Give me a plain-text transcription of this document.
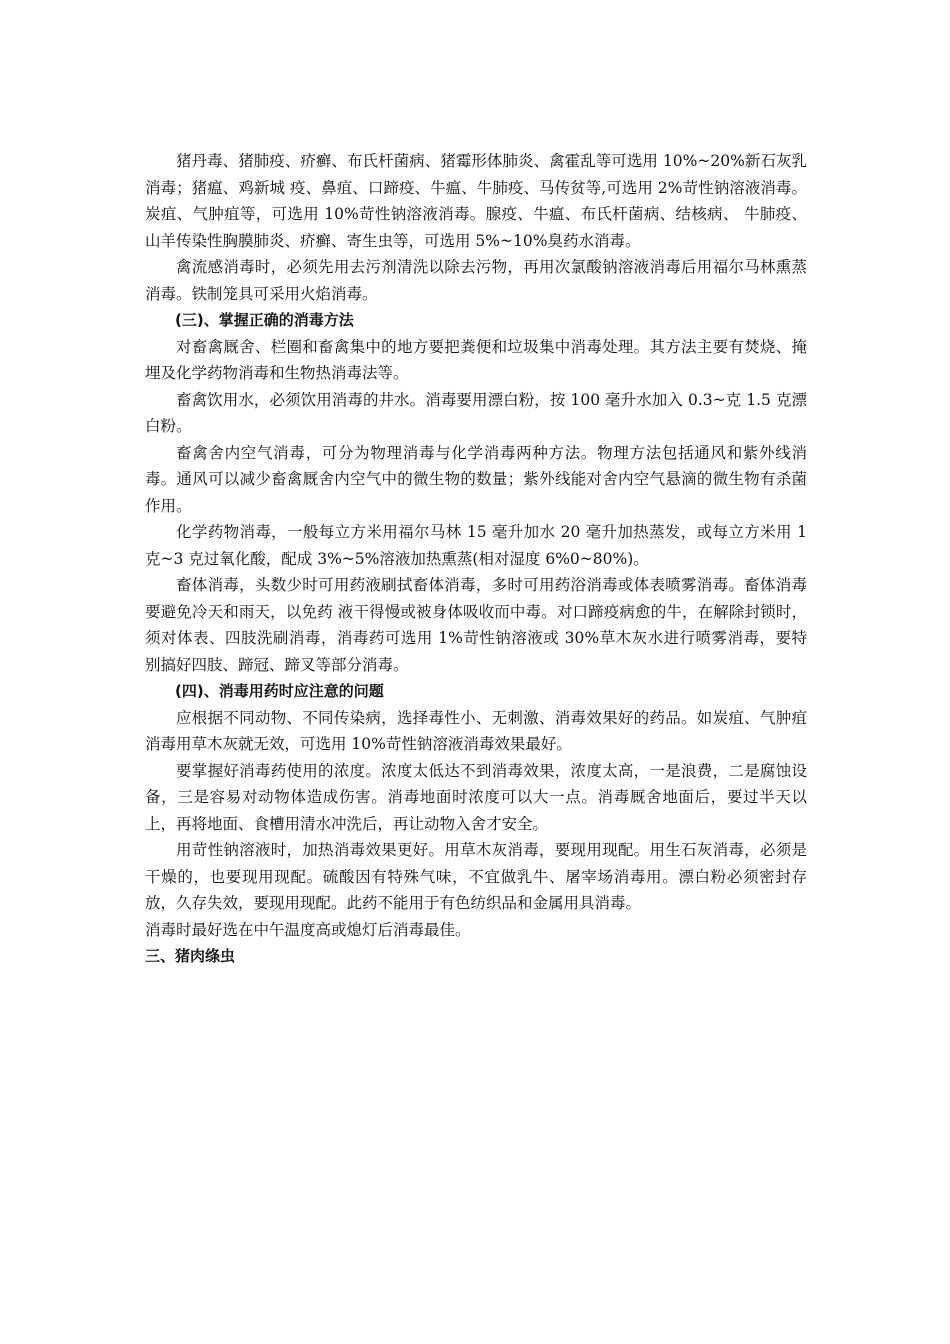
猪丹毒、猪肺疫、疥癣、布氏杆菌病、猪霉形体肺炎、禽霍乱等可选用 10%~20%新石灰乳消毒；猪瘟、鸡新城 疫、鼻疽、口蹄疫、牛瘟、牛肺疫、马传贫等,可选用 2%苛性钠溶液消毒。炭疽、气肿疽等，可选用 10%苛性钠溶液消毒。腺疫、牛瘟、布氏杆菌病、结核病、 牛肺疫、山羊传染性胸膜肺炎、疥癣、寄生虫等，可选用 5%~10%臭药水消毒。

禽流感消毒时，必须先用去污剂清洗以除去污物，再用次氯酸钠溶液消毒后用福尔马林熏蒸消毒。铁制笼具可采用火焰消毒。

(三)、掌握正确的消毒方法

对畜禽厩舍、栏圈和畜禽集中的地方要把粪便和垃圾集中消毒处理。其方法主要有焚烧、掩埋及化学药物消毒和生物热消毒法等。

畜禽饮用水，必须饮用消毒的井水。消毒要用漂白粉，按 100 毫升水加入 0.3~克 1.5 克漂白粉。

畜禽舍内空气消毒，可分为物理消毒与化学消毒两种方法。物理方法包括通风和紫外线消毒。通风可以减少畜禽厩舍内空气中的微生物的数量；紫外线能对舍内空气悬滴的微生物有杀菌作用。

化学药物消毒，一般每立方米用福尔马林 15 毫升加水 20 毫升加热蒸发，或每立方米用 1 克~3 克过氧化酸，配成 3%~5%溶液加热熏蒸(相对湿度 6%0~80%)。

畜体消毒，头数少时可用药液刷拭畜体消毒，多时可用药浴消毒或体表喷雾消毒。畜体消毒要避免冷天和雨天，以免药 液干得慢或被身体吸收而中毒。对口蹄疫病愈的牛，在解除封锁时，须对体表、四肢洗刷消毒，消毒药可选用 1%苛性钠溶液或 30%草木灰水进行喷雾消毒，要特 别搞好四肢、蹄冠、蹄叉等部分消毒。

(四)、消毒用药时应注意的问题

应根据不同动物、不同传染病，选择毒性小、无刺激、消毒效果好的药品。如炭疽、气肿疽消毒用草木灰就无效，可选用 10%苛性钠溶液消毒效果最好。

要掌握好消毒药使用的浓度。浓度太低达不到消毒效果，浓度太高，一是浪费，二是腐蚀设备，三是容易对动物体造成伤害。消毒地面时浓度可以大一点。消毒厩舍地面后，要过半天以上，再将地面、食槽用清水冲洗后，再让动物入舍才安全。

用苛性钠溶液时，加热消毒效果更好。用草木灰消毒，要现用现配。用生石灰消毒，必须是干燥的，也要现用现配。硫酸因有特殊气味，不宜做乳牛、屠宰场消毒用。漂白粉必须密封存放，久存失效，要现用现配。此药不能用于有色纺织品和金属用具消毒。

消毒时最好选在中午温度高或熄灯后消毒最佳。

三、猪肉绦虫
